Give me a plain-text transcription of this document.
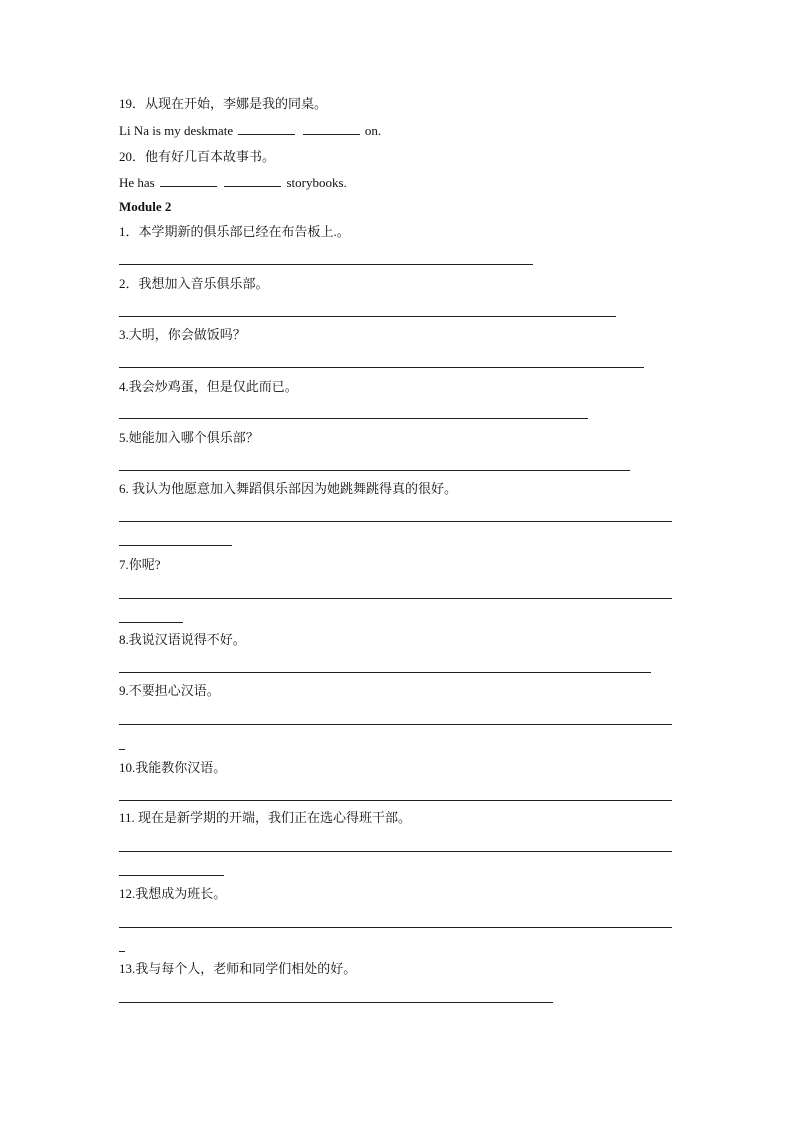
19．从现在开始，李娜是我的同桌。
Li Na is my deskmate	on.
20．他有好几百本故事书。
He has	storybooks.
Module 2
1．本学期新的俱乐部已经在布告板上.。
2．我想加入音乐俱乐部。
3.大明，你会做饭吗？
4.我会炒鸡蛋，但是仅此而已。
5.她能加入哪个俱乐部？
6. 我认为他愿意加入舞蹈俱乐部因为她跳舞跳得真的很好。
7.你呢?
8.我说汉语说得不好。
9.不要担心汉语。
10.我能教你汉语。
11. 现在是新学期的开端，我们正在选心得班干部。
12.我想成为班长。
13.我与每个人，老师和同学们相处的好。
